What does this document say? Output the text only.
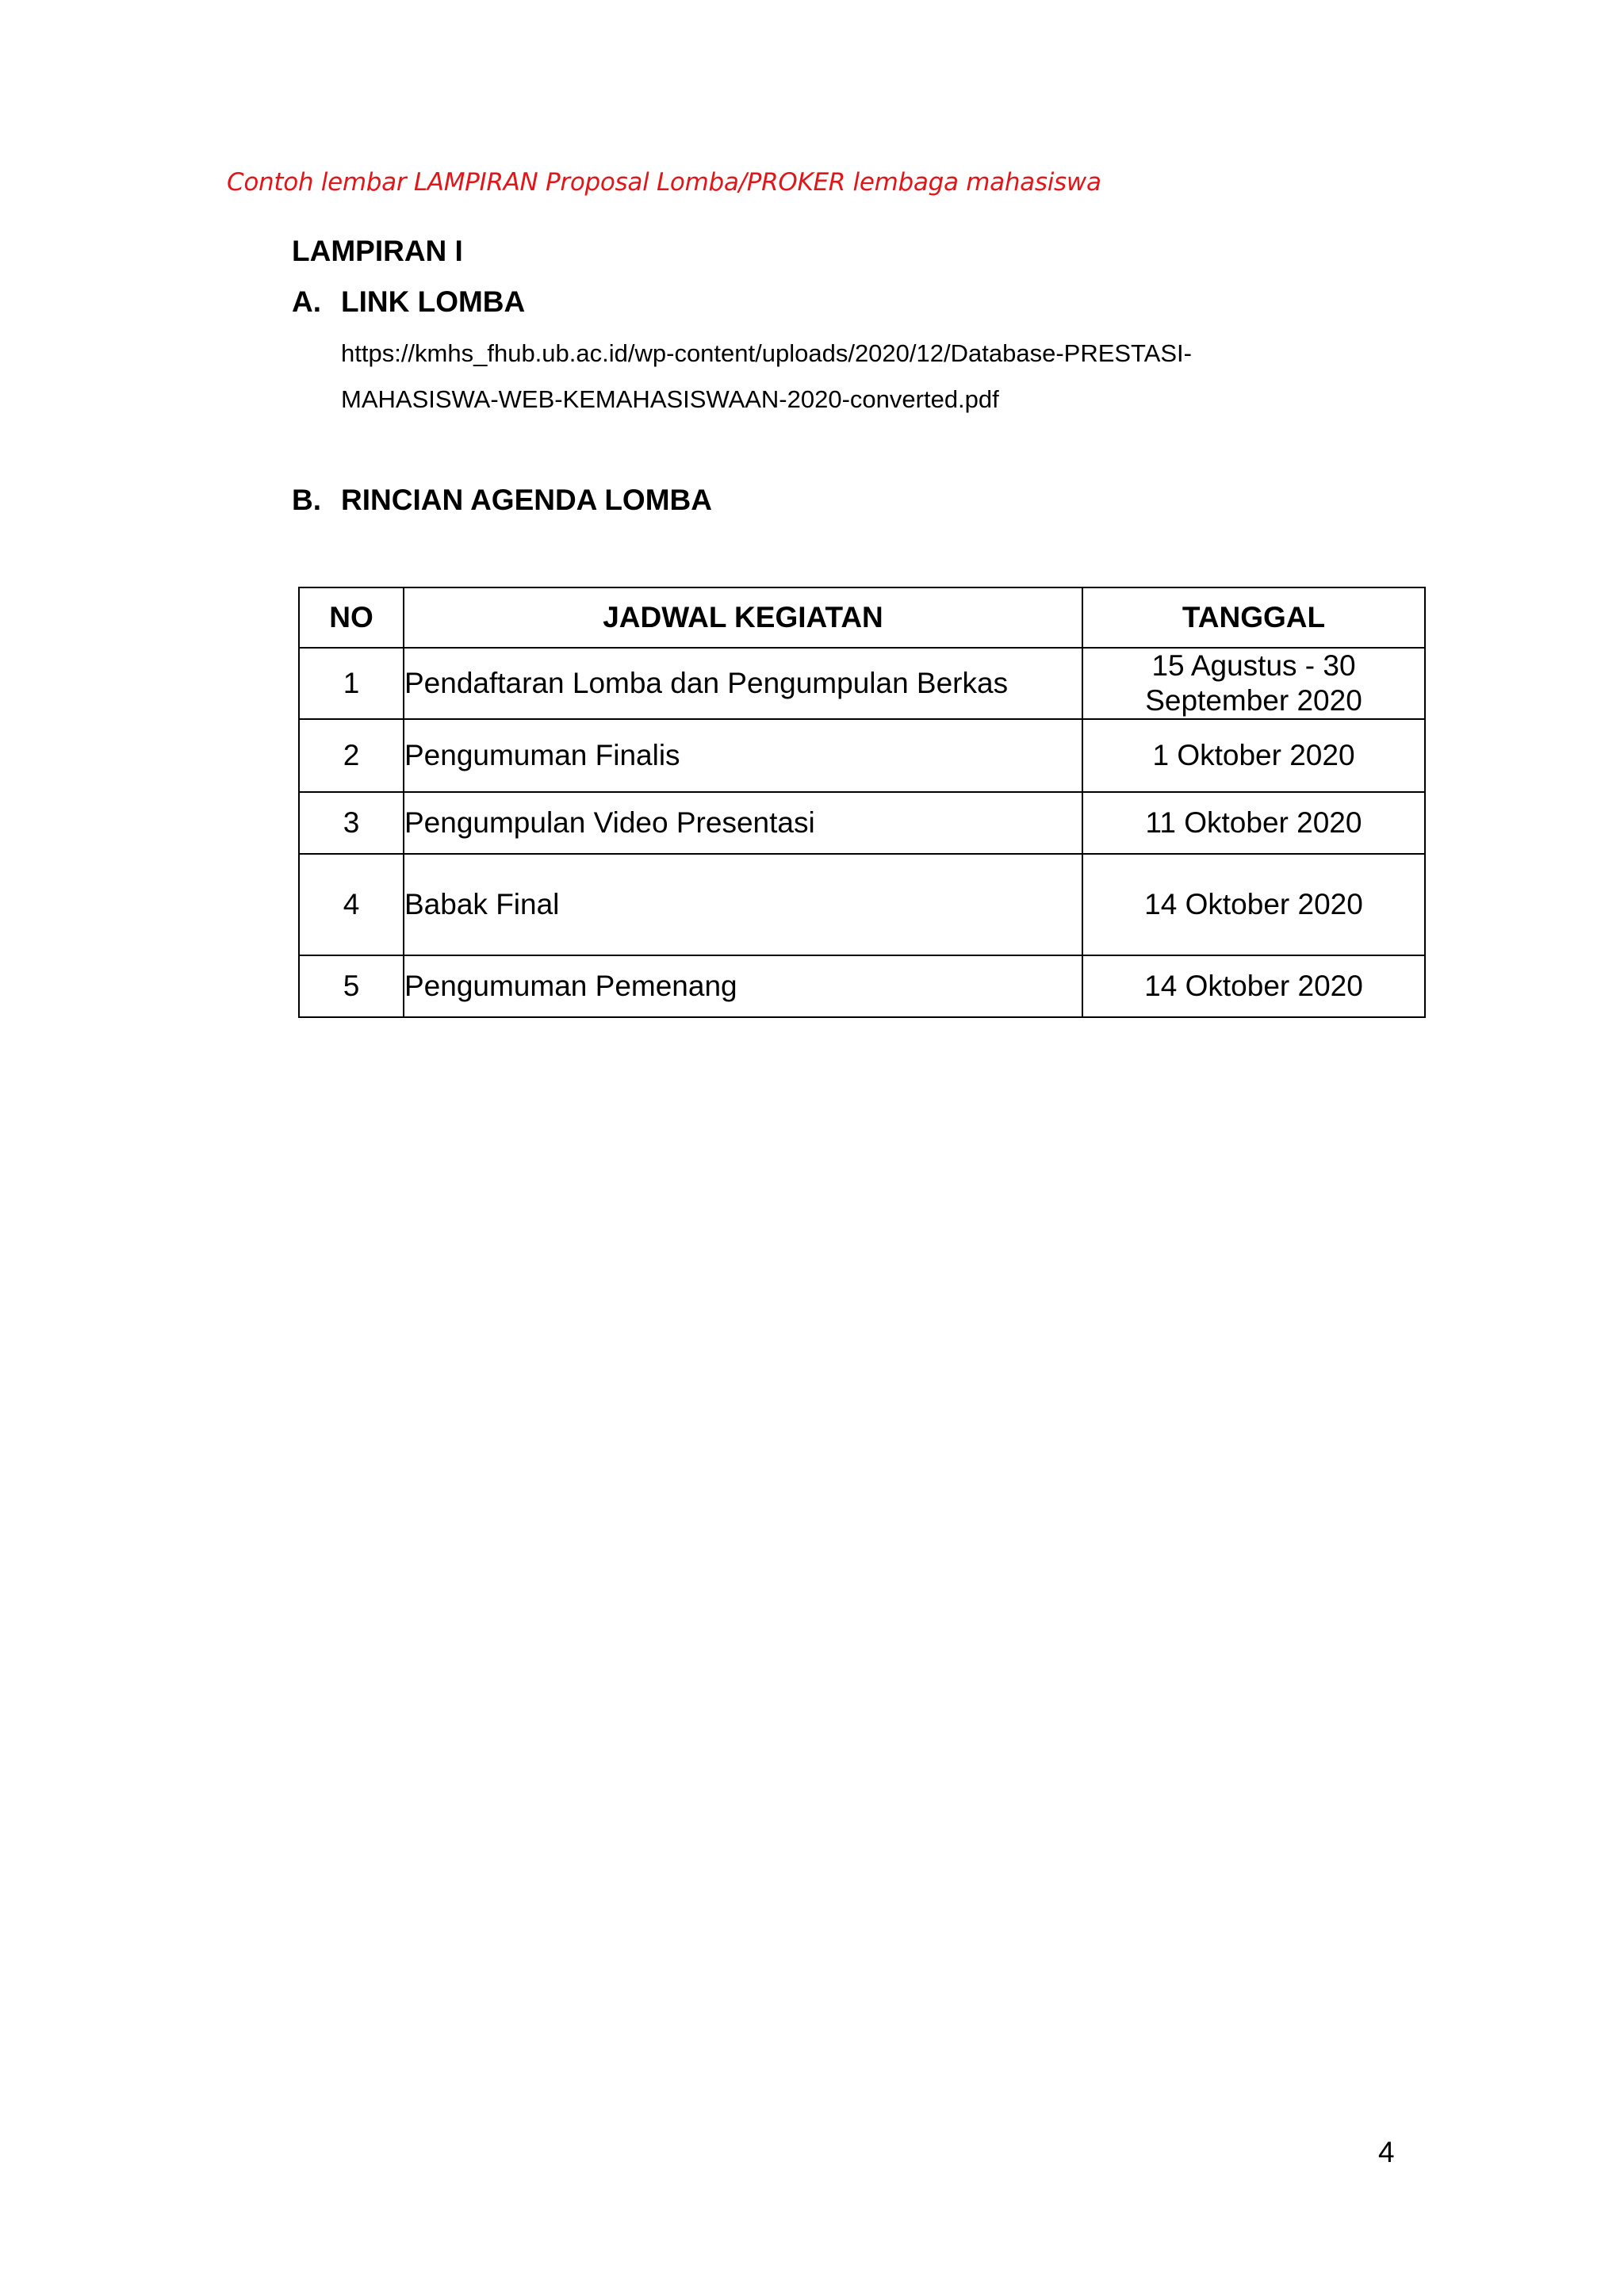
Contoh lembar LAMPIRAN Proposal Lomba/PROKER lembaga mahasiswa
LAMPIRAN I
A. LINK LOMBA
https://kmhs_fhub.ub.ac.id/wp-content/uploads/2020/12/Database-PRESTASI-
MAHASISWA-WEB-KEMAHASISWAAN-2020-converted.pdf
B. RINCIAN AGENDA LOMBA
NO	JADWAL KEGIATAN	TANGGAL
1	Pendaftaran Lomba dan Pengumpulan Berkas	15 Agustus - 30
September 2020
2	Pengumuman Finalis	1 Oktober 2020
3	Pengumpulan Video Presentasi	11 Oktober 2020
4	Babak Final	14 Oktober 2020
5	Pengumuman Pemenang	14 Oktober 2020
4
